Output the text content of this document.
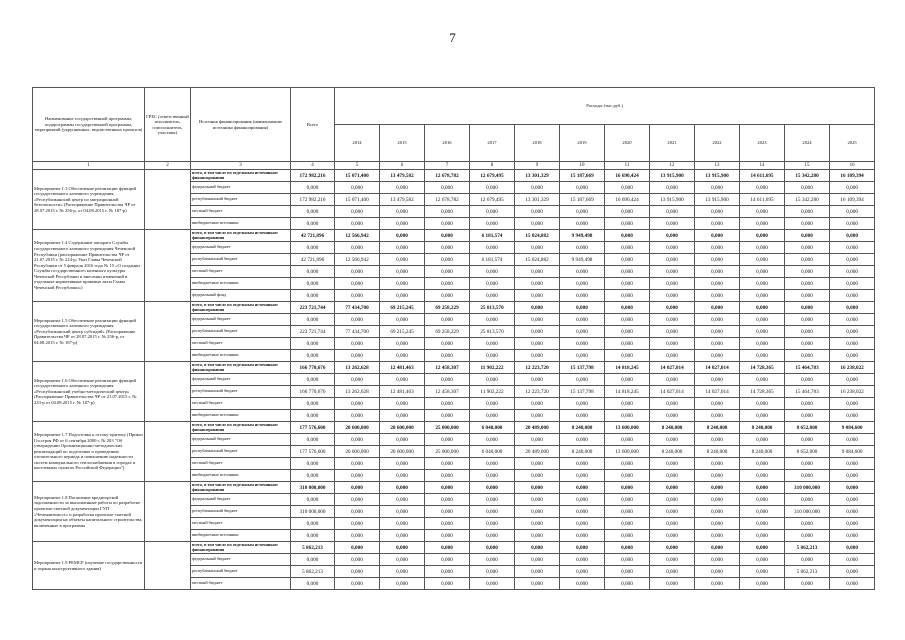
7
Наименование государственной программы, подпрограммы государственной программы, мероприятий (укрупненных, ведомственных проектов)	ГРБС (ответственный исполнитель, соисполнитель, участник)	Источник финансирования (наименование источника финансирования)	Всего	Расходы (тыс.руб.)											
				2014	2015	2016	2017	2018	2019	2020	2021	2022	2023	2024	2025
1	2	3	4	5	6	7	8	9	10	11	12	13	14	15	16
Мероприятие 1.3 Обеспечение реализации функций государственного казенного учреждения «Республиканский центр по миграционной безопасности» (Распоряжение Правительства ЧР от 28.07.2015 г. № 256-р, от 04.08.2015 г. № 187-р)		всего, в том числе по отдельным источникам финансирования	172 982,216	15 071,400	13 479,582	12 678,782	12 679,495	13 301,329	15 187,669	16 690,424	13 915,900	13 915,900	14 611,695	15 342,280	16 109,394
		федеральный бюджет	0,000	0,000	0,000	0,000	0,000	0,000	0,000	0,000	0,000	0,000	0,000	0,000	0,000
		республиканский бюджет	172 982,216	15 071,400	13 479,582	12 678,782	12 679,495	13 301,329	15 187,669	16 690,424	13 915,900	13 915,900	14 611,695	15 342,280	16 109,394
		местный бюджет	0,000	0,000	0,000	0,000	0,000	0,000	0,000	0,000	0,000	0,000	0,000	0,000	0,000
		внебюджетные источники	0,000	0,000	0,000	0,000	0,000	0,000	0,000	0,000	0,000	0,000	0,000	0,000	0,000
Мероприятие 1.4 Содержание аппарата Службы государственного казенного учреждения Чеченской Республики (распоряжение Правительства ЧР от 21.07.2015 г. № 224-р; Указ Главы Чеченской Республики от 5 февраля 2016 года № 15 «О создании Службы государственного казенного культуры Чеченской Республики и внесении изменений в отдельные нормативные правовые акты Главы Чеченской Республики»)		всего, в том числе по отдельным источникам финансирования	42 721,896	12 566,942	0,000	0,000	6 181,574	15 024,882	9 949,498	0,000	0,000	0,000	0,000	0,000	0,000
		федеральный бюджет	0,000	0,000	0,000	0,000	0,000	0,000	0,000	0,000	0,000	0,000	0,000	0,000	0,000
		республиканский бюджет	42 721,896	12 566,942	0,000	0,000	6 181,574	15 024,882	9 949,498	0,000	0,000	0,000	0,000	0,000	0,000
		местный бюджет	0,000	0,000	0,000	0,000	0,000	0,000	0,000	0,000	0,000	0,000	0,000	0,000	0,000
		внебюджетные источники	0,000	0,000	0,000	0,000	0,000	0,000	0,000	0,000	0,000	0,000	0,000	0,000	0,000
		федеральный фонд	0,000	0,000	0,000	0,000	0,000	0,000	0,000	0,000	0,000	0,000	0,000	0,000	0,000
Мероприятие 1.5 Обеспечение реализации функций государственного казенного учреждения «Республиканский центр субсидий» (Распоряжение Правительства ЧР от 28.07.2015 г. № 256-р, от 04.08.2015 г. № 187-р)		всего, в том числе по отдельным источникам финансирования	223 721,744	77 434,700	69 215,245	69 258,229	25 813,570	0,000	0,000	0,000	0,000	0,000	0,000	0,000	0,000
		федеральный бюджет	0,000	0,000	0,000	0,000	0,000	0,000	0,000	0,000	0,000	0,000	0,000	0,000	0,000
		республиканский бюджет	223 721,744	77 434,700	69 215,245	69 258,229	25 813,570	0,000	0,000	0,000	0,000	0,000	0,000	0,000	0,000
		местный бюджет	0,000	0,000	0,000	0,000	0,000	0,000	0,000	0,000	0,000	0,000	0,000	0,000	0,000
		внебюджетные источники	0,000	0,000	0,000	0,000	0,000	0,000	0,000	0,000	0,000	0,000	0,000	0,000	0,000
Мероприятие 1.6 Обеспечение реализации функций государственного казенного учреждения «Республиканский учебно-методический центр» (Распоряжение Правительства ЧР от 21.07.2015 г. № 233-р от 04.08.2015 г. № 187-р)		всего, в том числе по отдельным источникам финансирования	166 770,676	13 262,628	12 481,463	12 458,307	11 902,222	12 223,720	15 137,798	14 818,245	14 027,014	14 027,014	14 728,365	15 464,783	16 238,022
		федеральный бюджет	0,000	0,000	0,000	0,000	0,000	0,000	0,000	0,000	0,000	0,000	0,000	0,000	0,000
		республиканский бюджет	166 770,676	13 262,628	12 481,463	12 458,307	11 902,222	12 223,720	15 137,798	14 818,245	14 027,014	14 027,014	14 728,365	15 464,783	16 238,022
		местный бюджет	0,000	0,000	0,000	0,000	0,000	0,000	0,000	0,000	0,000	0,000	0,000	0,000	0,000
		внебюджетные источники	0,000	0,000	0,000	0,000	0,000	0,000	0,000	0,000	0,000	0,000	0,000	0,000	0,000
Мероприятие 1.7 Подготовка к оттоку-притоку (Приказ Госстроя РФ от 6 сентября 2000 г. № 203 "Об утверждении Организационно-методических рекомендаций по подготовке и проведению отопительного периода и повышению надежности систем коммунального теплоснабжения в городах и населенных пунктах Российской Федерации")		всего, в том числе по отдельным источникам финансирования	177 576,600	20 600,000	20 600,000	25 000,000	6 040,000	20 489,000	8 240,000	13 600,000	8 240,000	8 240,000	8 240,000	8 652,000	9 084,600
		федеральный бюджет	0,000	0,000	0,000	0,000	0,000	0,000	0,000	0,000	0,000	0,000	0,000	0,000	0,000
		республиканский бюджет	177 576,600	20 600,000	20 600,000	25 000,000	6 040,000	20 489,000	8 240,000	13 600,000	8 240,000	8 240,000	8 240,000	8 652,000	9 084,600
		местный бюджет	0,000	0,000	0,000	0,000	0,000	0,000	0,000	0,000	0,000	0,000	0,000	0,000	0,000
		внебюджетные источники	0,000	0,000	0,000	0,000	0,000	0,000	0,000	0,000	0,000	0,000	0,000	0,000	0,000
Мероприятие 1.8 Погашение кредиторской задолженности за выполненные работы по разработке проектно-сметной документации ГУП «Чеченавтомост» и разработка проектно-сметной документации на объекты капитального строительства, включенные в программы		всего, в том числе по отдельным источникам финансирования	310 000,000	0,000	0,000	0,000	0,000	0,000	0,000	0,000	0,000	0,000	0,000	310 000,000	0,000
		федеральный бюджет	0,000	0,000	0,000	0,000	0,000	0,000	0,000	0,000	0,000	0,000	0,000	0,000	0,000
		республиканский бюджет	310 000,000	0,000	0,000	0,000	0,000	0,000	0,000	0,000	0,000	0,000	0,000	310 000,000	0,000
		местный бюджет	0,000	0,000	0,000	0,000	0,000	0,000	0,000	0,000	0,000	0,000	0,000	0,000	0,000
		внебюджетные источники	0,000	0,000	0,000	0,000	0,000	0,000	0,000	0,000	0,000	0,000	0,000	0,000	0,000
Мероприятие 1.9 РЕМСР (изучение государственности и охрана конструктивного здания)		всего, в том числе по отдельным источникам финансирования	5 862,213	0,000	0,000	0,000	0,000	0,000	0,000	0,000	0,000	0,000	0,000	5 862,213	0,000
		федеральный бюджет	0,000	0,000	0,000	0,000	0,000	0,000	0,000	0,000	0,000	0,000	0,000	0,000	0,000
		республиканский бюджет	5 862,213	0,000	0,000	0,000	0,000	0,000	0,000	0,000	0,000	0,000	0,000	5 862,213	0,000
		местный бюджет	0,000	0,000	0,000	0,000	0,000	0,000	0,000	0,000	0,000	0,000	0,000	0,000	0,000
